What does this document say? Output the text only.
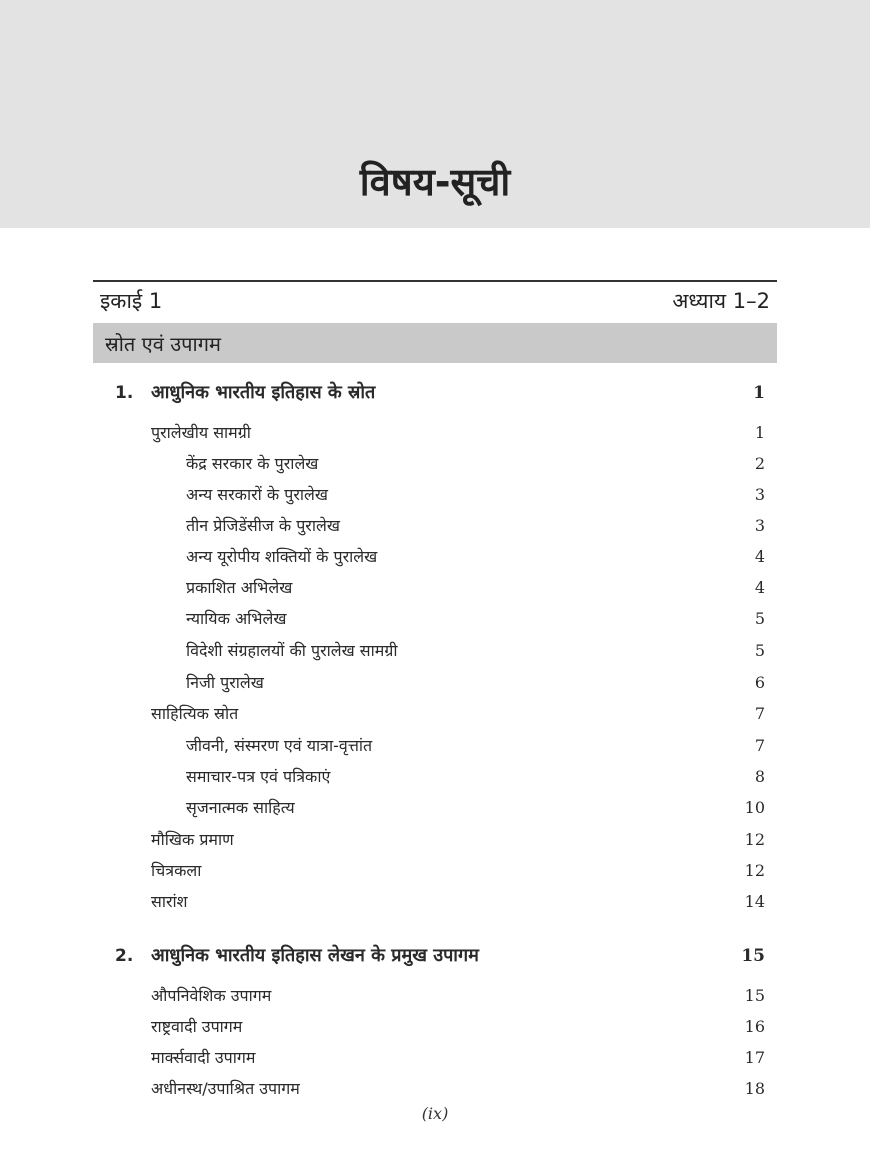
विषय-सूची
इकाई 1	अध्याय 1–2
स्रोत एवं उपागम
1. आधुनिक भारतीय इतिहास के स्रोत	1
पुरालेखीय सामग्री	1
केंद्र सरकार के पुरालेख	2
अन्य सरकारों के पुरालेख	3
तीन प्रेजिडेंसीज के पुरालेख	3
अन्य यूरोपीय शक्तियों के पुरालेख	4
प्रकाशित अभिलेख	4
न्यायिक अभिलेख	5
विदेशी संग्रहालयों की पुरालेख सामग्री	5
निजी पुरालेख	6
साहित्यिक स्रोत	7
जीवनी, संस्मरण एवं यात्रा-वृत्तांत	7
समाचार-पत्र एवं पत्रिकाएं	8
सृजनात्मक साहित्य	10
मौखिक प्रमाण	12
चित्रकला	12
सारांश	14
2. आधुनिक भारतीय इतिहास लेखन के प्रमुख उपागम	15
औपनिवेशिक उपागम	15
राष्ट्रवादी उपागम	16
मार्क्सवादी उपागम	17
अधीनस्थ/उपाश्रित उपागम	18
(ix)
